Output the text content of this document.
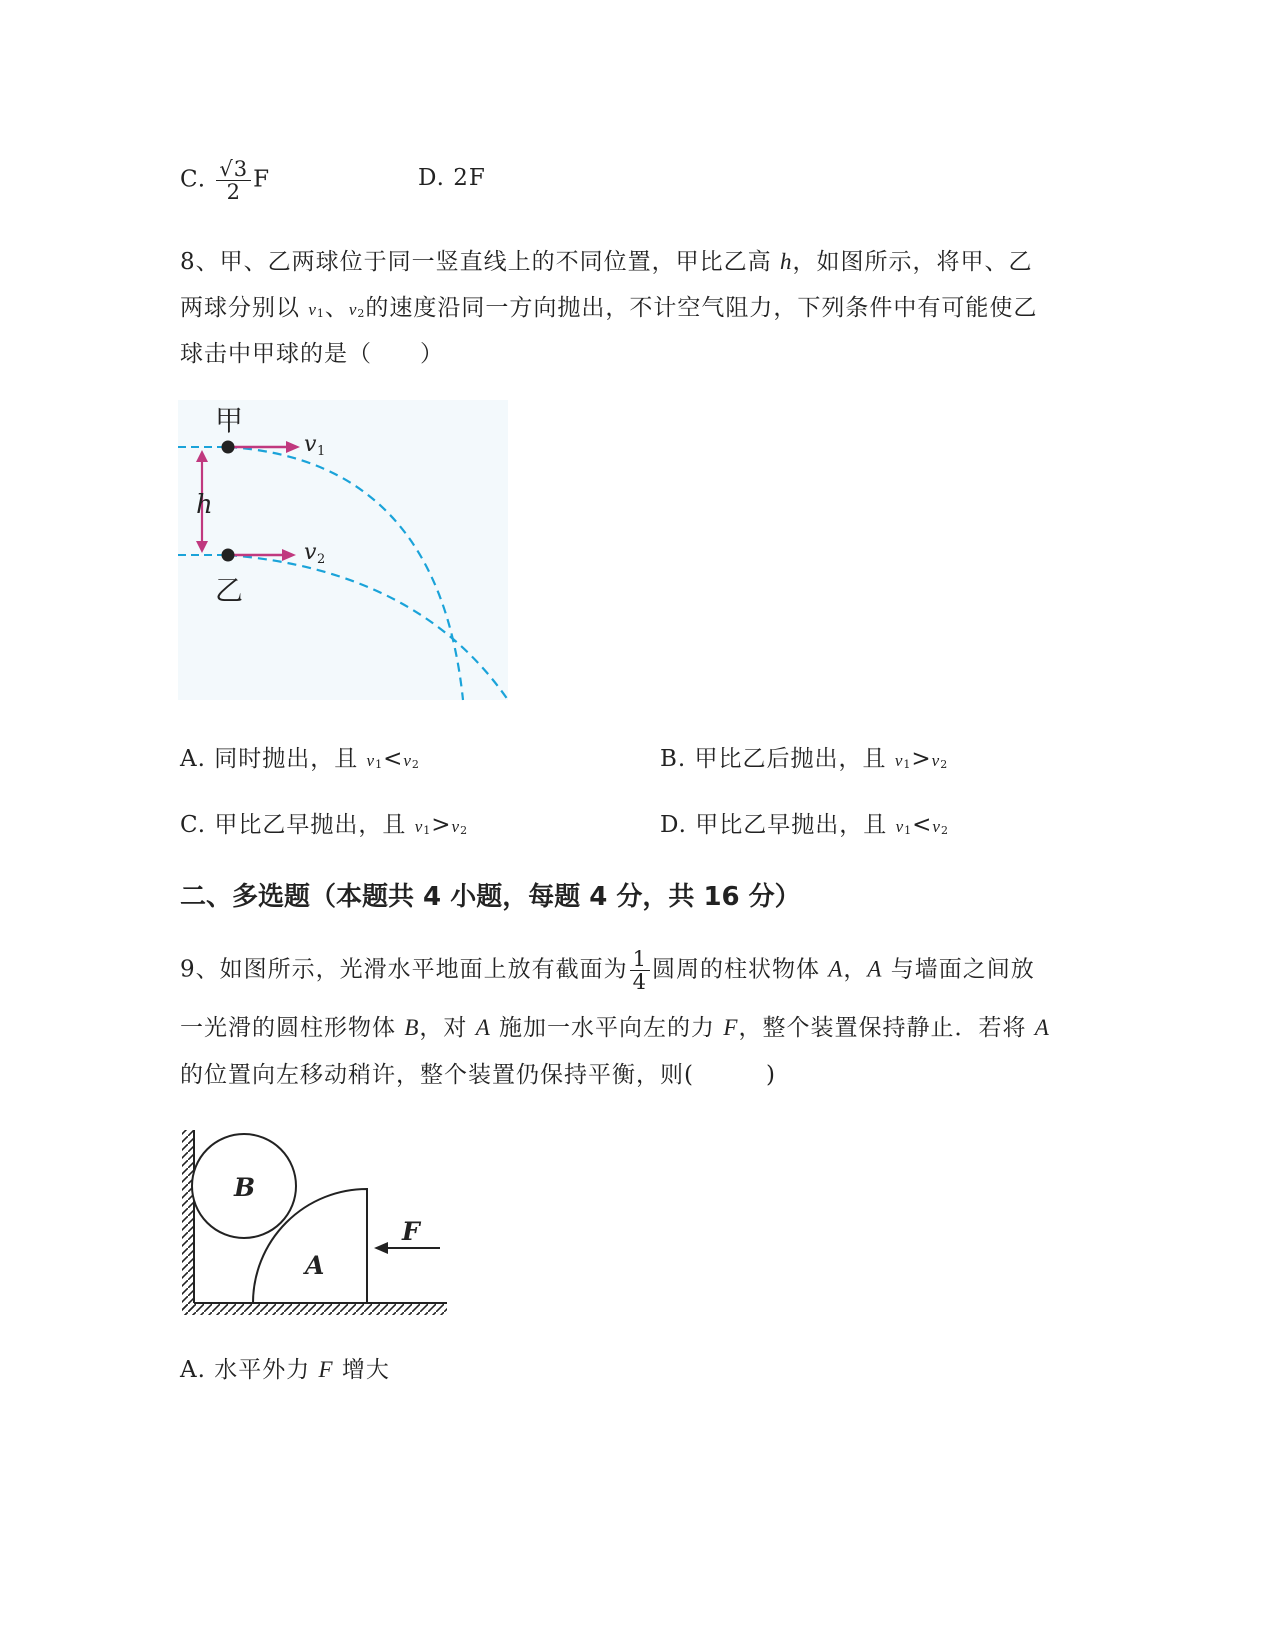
C. $\frac{√3}{2}$ F	D. 2F
8、甲、乙两球位于同一竖直线上的不同位置，甲比乙高 h，如图所示，将甲、乙
两球分别以 $v_1$、$v_2$的速度沿同一方向抛出，不计空气阻力，下列条件中有可能使乙
球击中甲球的是（　　）
h
甲
乙
v 1
v 2
A. 同时抛出，且 $v_1<v_2$	B. 甲比乙后抛出，且 $v_1>v_2$
C. 甲比乙早抛出，且 $v_1>v_2$	D. 甲比乙早抛出，且 $v_1<v_2$
二、多选题（本题共 4 小题，每题 4 分，共 16 分）
9、如图所示，光滑水平地面上放有截面为 $\frac{1}{4}$ 圆周的柱状物体 A，A 与墙面之间放
一光滑的圆柱形物体 B，对 A 施加一水平向左的力 F，整个装置保持静止．若将 A
的位置向左移动稍许，整个装置仍保持平衡，则(　　　)
B
A
F
A. 水平外力 F 增大
